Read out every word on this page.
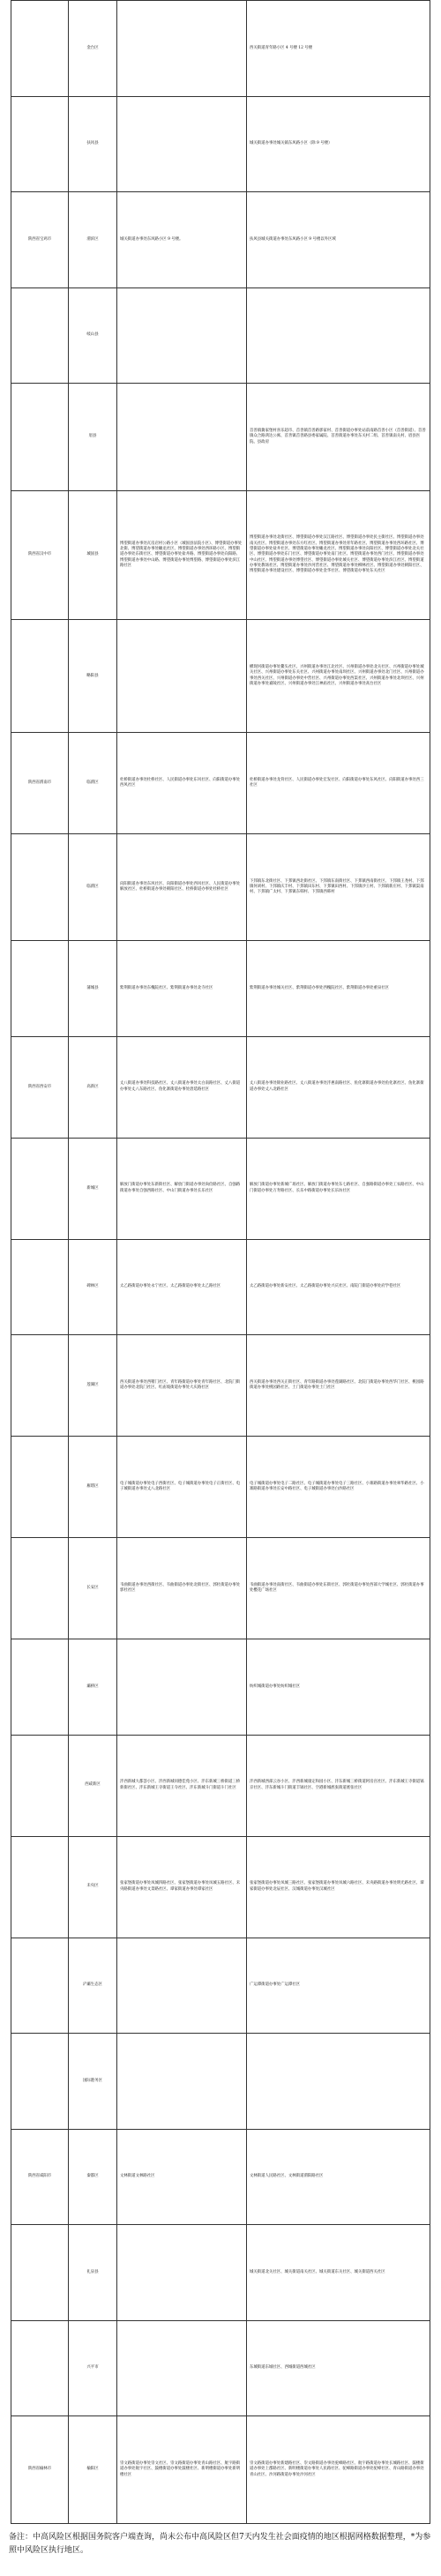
	金台区		西关街道青年路小区 4 号楼 12 号楼
	扶风县		城关街道办事处城关镇东风路小区（除 9 号楼）
陕西省宝鸡市	渭滨区	城关街道办事处东风路小区 9 号楼。	扶风县城关街道办事处东风路小区 9 号楼以外区域
	岐山县		
	眉县		首善镇冀家堡村喜乐超市、首善镇首善路郭家村、首善街道办事处站前南路首善小区（首善街道）、首善镇众合路鸿达公寓、首善镇首善路县委家属院、首善街道办事处东关村二组、首善镇南关村、眉县医院、县政府
陕西省汉中市	城固县	博望街道办事处瓦房店村公路小区（城固县法院小区）、博望街道办事处北街、博望街道办事处蟠龙社区、博望街道办事处西环路小区、博望街道办事处东街社区、博望街道办事处盐井路、博望街道办事处向阳路、博望街道办事处中山路、博望街道办事处博望路、博望街道办事处滨江路社区	博望街道办事处北街社区、博望街道办事处汉江路社区、博望街道办事处民主街社区、博望街道办事处南关社区、博望街道办事处东方红社区、博望街道办事处青年路社区、博望街道办事处西环路社区、博望街道办事处盐井社区、博望街道办事处蟠龙社区、博望街道办事处向阳社区、博望街道办事处北关社区、博望街道办事处东门社区、博望街道办事处南门社区、博望街道办事处西门社区、博望街道办事处中山社区、博望街道办事处博望社区、博望街道办事处城关社区、博望街道办事处滨江社区、博望街道办事处教场社区、博望街道办事处沙河营社区、博望街道办事处柳林社区、博望街道办事处朝阳社区、博望街道办事处建设社区、博望街道办事处金华社区、博望街道办事处东关社区
	略阳县		横现河街道办事处鳌头社区、兴州街道办事处江北社区、兴州街道办事处北关社区、兴州街道办事处城关社区、兴州街道办事处东关社区、兴州街道办事处南坝社区、兴州街道办事处北门社区、兴州街道办事处西关社区、兴州街道办事处中营社区、兴州街道办事处西渠社区、兴州街道办事处北坝社区、兴州街道办事处嘉陵社区、兴州街道办事处江神庙社区、兴州街道办事处高台社区
陕西省渭南市	临渭区	杜桥街道办事处杜桥社区、人民街道办事处东风社区、向阳街道办事处西风社区	杜桥街道办事处龙背社区、人民街道办事处宏发社区、向阳街道办事处东风社区、向阳街道办事处西三社区
	临渭区	向阳街道办事处东风社区、向阳街道办事处西风社区、人民街道办事处解放社区、杜桥街道办事处朝阳社区、杜桥街道办事处杜桥社区	下邽镇东北街社区、下邽镇西北街社区、下邽镇东南街社区、下邽镇西南街社区、下邽镇王尧村、下邽镇何刘村、下邽镇庆丰村、下邽镇田东村、下邽镇田西村、下邽镇沙王村、下邽镇新庄村、下邽镇渠南村、下邽镇广太村、下邽镇东韩村、下邽镇西韩村
	蒲城县	紫荆街道办事处东槐院社区、紫荆街道办事处北寺社区	紫荆街道办事处城关社区、紫荆街道办事处西槐院社区、紫荆街道办事处重泉社区
陕西省西安市	高新区	丈八街道办事处科技路社区、丈八街道办事处太白南路社区、丈八街道办事处丈八东路社区、鱼化寨街道办事处唐延路社区	丈八街道办事处锦业路社区、丈八街道办事处沣惠南路社区、鱼化寨街道办事处鱼化寨社区、鱼化寨街道办事处丈八北路社区
	新城区	解放门街道办事处东新街社区、解放门街道办事处尚俭路社区、自强路街道办事处自强西路社区、中山门街道办事处长乐社区	解放门街道办事处新城广场社区、解放门街道办事处东七路社区、自强路街道办事处工农路社区、中山门街道办事处万寿路社区、长乐中路街道办事处长乐坊社区
	碑林区	太乙路街道办事处永宁社区、太乙路街道办事处太乙路社区	太乙路街道办事处新安社区、太乙路街道办事处兴庆社区、南院门街道办事处府学巷社区
	莲湖区	西关街道办事处西稍门社区、青年路街道办事处青年路社区、北院门街道办事处北院门社区、红庙坡街道办事处大庆路社区	西关街道办事处西关正街社区、青年路街道办事处莲湖路社区、北院门街道办事处西华门社区、桃园路街道办事处桃园路社区、土门街道办事处土门社区
	雁塔区	电子城街道办事处电子西街社区、电子城街道办事处电子正街社区、电子城街道办事处丈八北路社区	电子城街道办事处电子二路社区、电子城街道办事处电子三路社区、小寨路街道办事处翠华路社区、小寨路街道办事处长安中路社区、电子城街道办事处白沙路社区
	长安区	韦曲街道办事处西街社区、韦曲街道办事处北街社区、郭杜街道办事处郭杜社区	韦曲街道办事处南街社区、韦曲街道办事处东街社区、郭杜街道办事处西部大学城社区、郭杜街道办事处樱花广场社区
	灞桥区		纺织城街道办事处纺织城社区
	西咸新区	沣西新城大都荟小区、沣西新城同德佳苑小区、沣东新城三桥街道三桥新街社区、沣东新城王寺街道王寺社区、沣东新城斗门街道斗门社区	沣西新城西部云谷小区、沣西新城康定和园小区、沣东新城三桥街道阿房宫社区、沣东新城王寺街道镐京社区、沣东新城斗门街道丰镐社区、空港新城底张街道底张社区
	未央区	张家堡街道办事处凤城四路社区、张家堡街道办事处凤城五路社区、未央路街道办事处文景路社区、谭家街道办事处谭家社区	张家堡街道办事处凤城三路社区、张家堡街道办事处凤城六路社区、未央路街道办事处明光路社区、谭家街道办事处北辰社区、汉城街道办事处汉城社区
	浐灞生态区		广运潭街道办事处广运潭社区
	国际港务区		
陕西省咸阳市	秦都区	文林街道文林路社区	文林街道人民路社区、文林街道渭阳路社区
	礼泉县		城关街道北关社区、城关街道南关社区、城关街道东关社区、城关街道西关社区
	兴平市		东城街道东城社区、西城街道西城社区
陕西省榆林市	榆阳区	崇文路街道办事处崇文社区、崇文路街道办事处青山路社区、航宇路街道办事处航宇社区、鼓楼街道办事处鼓楼社区、新明楼街道办事处新明楼社区	崇文路街道办事处新建路社区、崇文路街道办事处驼峰路社区、航宇路街道办事处长城路社区、鼓楼街道办事处上郡路社区、新明楼街道办事处人民路社区、驼峰路街道办事处驼峰社区、青山路街道办事处青山社区、沙河路街道办事处沙河社区
备注：中高风险区根据国务院客户端查询，尚未公布中高风险区但7天内发生社会面疫情的地区根据网格数据整理，*为参照中风险区执行地区。
